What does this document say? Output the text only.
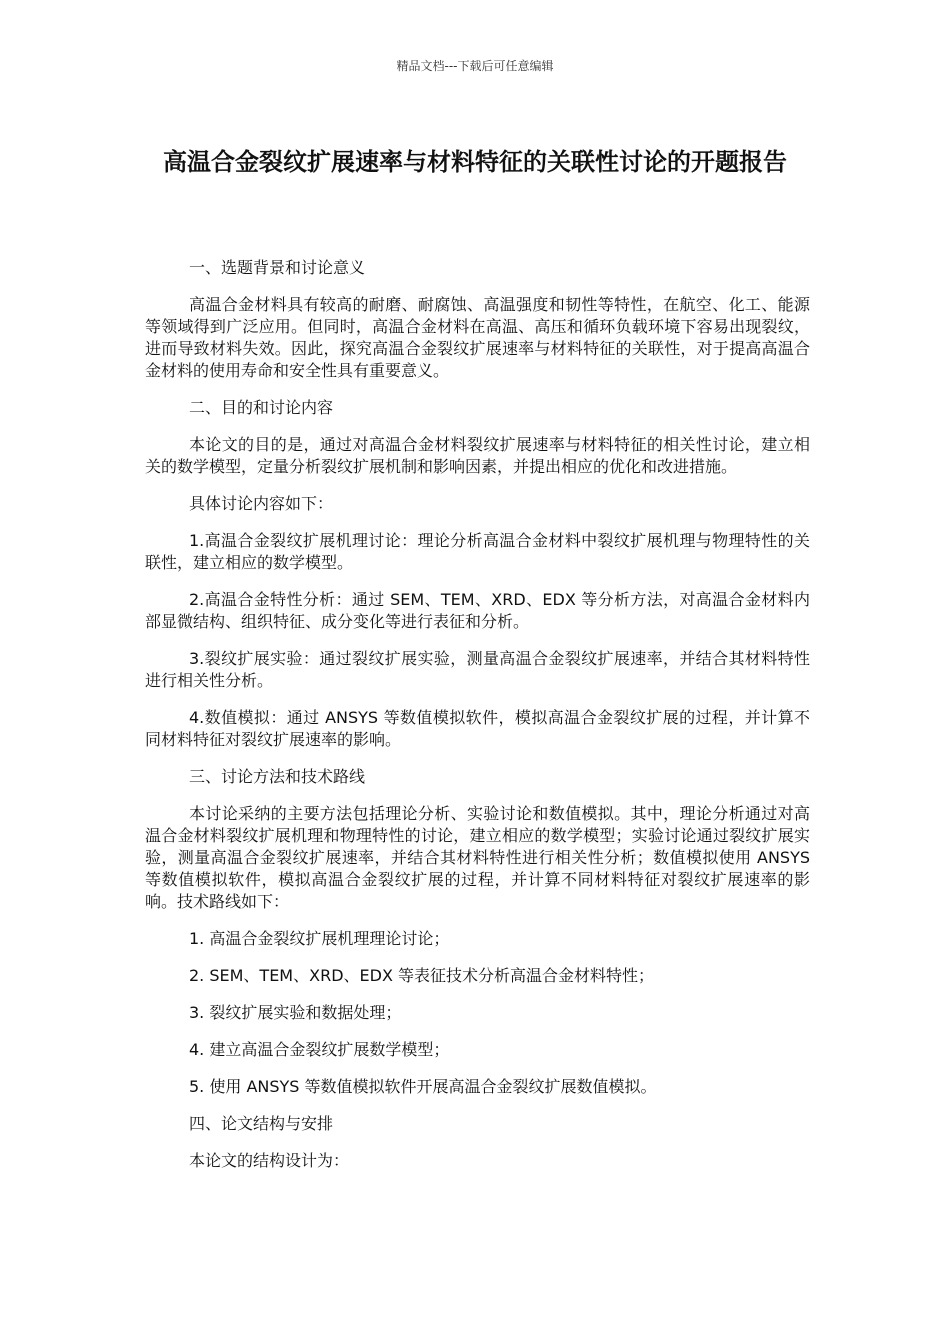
精品文档---下载后可任意编辑
高温合金裂纹扩展速率与材料特征的关联性讨论的开题报告
一、选题背景和讨论意义
高温合金材料具有较高的耐磨、耐腐蚀、高温强度和韧性等特性，在航空、化工、能源等领域得到广泛应用。但同时，高温合金材料在高温、高压和循环负载环境下容易出现裂纹，进而导致材料失效。因此，探究高温合金裂纹扩展速率与材料特征的关联性，对于提高高温合金材料的使用寿命和安全性具有重要意义。
二、目的和讨论内容
本论文的目的是，通过对高温合金材料裂纹扩展速率与材料特征的相关性讨论，建立相关的数学模型，定量分析裂纹扩展机制和影响因素，并提出相应的优化和改进措施。
具体讨论内容如下：
1.高温合金裂纹扩展机理讨论：理论分析高温合金材料中裂纹扩展机理与物理特性的关联性，建立相应的数学模型。
2.高温合金特性分析：通过 SEM、TEM、XRD、EDX 等分析方法，对高温合金材料内部显微结构、组织特征、成分变化等进行表征和分析。
3.裂纹扩展实验：通过裂纹扩展实验，测量高温合金裂纹扩展速率，并结合其材料特性进行相关性分析。
4.数值模拟：通过 ANSYS 等数值模拟软件，模拟高温合金裂纹扩展的过程，并计算不同材料特征对裂纹扩展速率的影响。
三、讨论方法和技术路线
本讨论采纳的主要方法包括理论分析、实验讨论和数值模拟。其中，理论分析通过对高温合金材料裂纹扩展机理和物理特性的讨论，建立相应的数学模型；实验讨论通过裂纹扩展实验，测量高温合金裂纹扩展速率，并结合其材料特性进行相关性分析；数值模拟使用 ANSYS 等数值模拟软件，模拟高温合金裂纹扩展的过程，并计算不同材料特征对裂纹扩展速率的影响。技术路线如下：
1. 高温合金裂纹扩展机理理论讨论；
2. SEM、TEM、XRD、EDX 等表征技术分析高温合金材料特性；
3. 裂纹扩展实验和数据处理；
4. 建立高温合金裂纹扩展数学模型；
5. 使用 ANSYS 等数值模拟软件开展高温合金裂纹扩展数值模拟。
四、论文结构与安排
本论文的结构设计为：
